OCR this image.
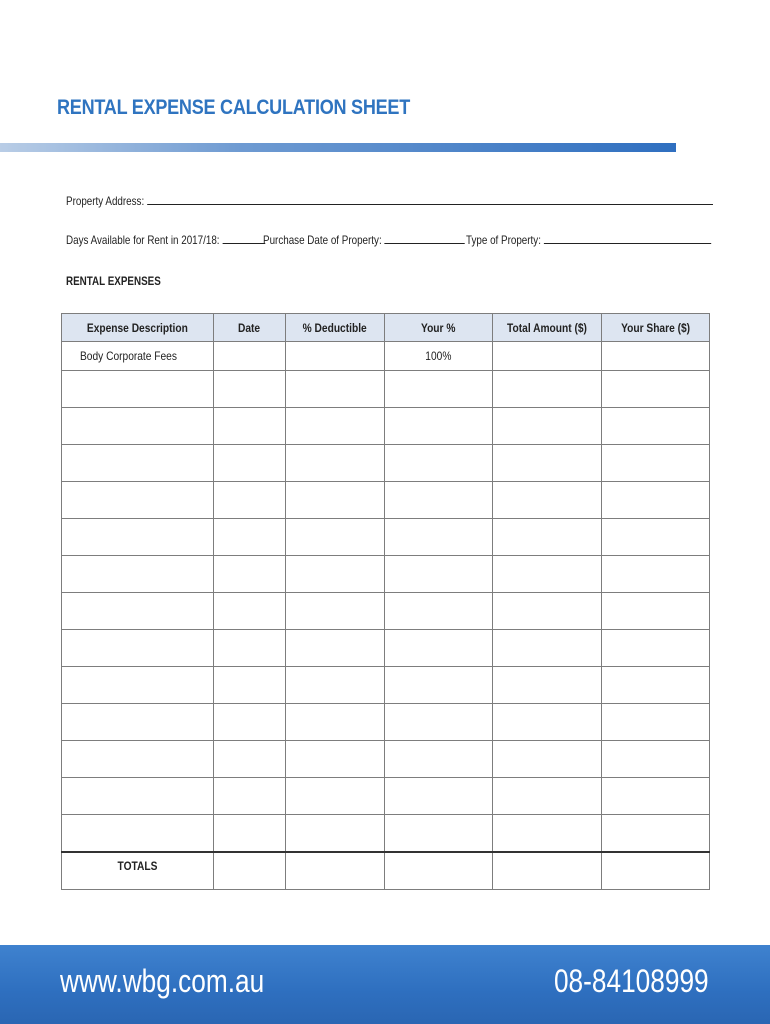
RENTAL EXPENSE CALCULATION SHEET
Property Address:
Days Available for Rent in 2017/18:	Purchase Date of Property:	Type of Property:
RENTAL EXPENSES
Expense Description	Date	% Deductible	Your %	Total Amount ($)	Your Share ($)
Body Corporate Fees			100%		

TOTALS					
www.wbg.com.au	08-84108999
